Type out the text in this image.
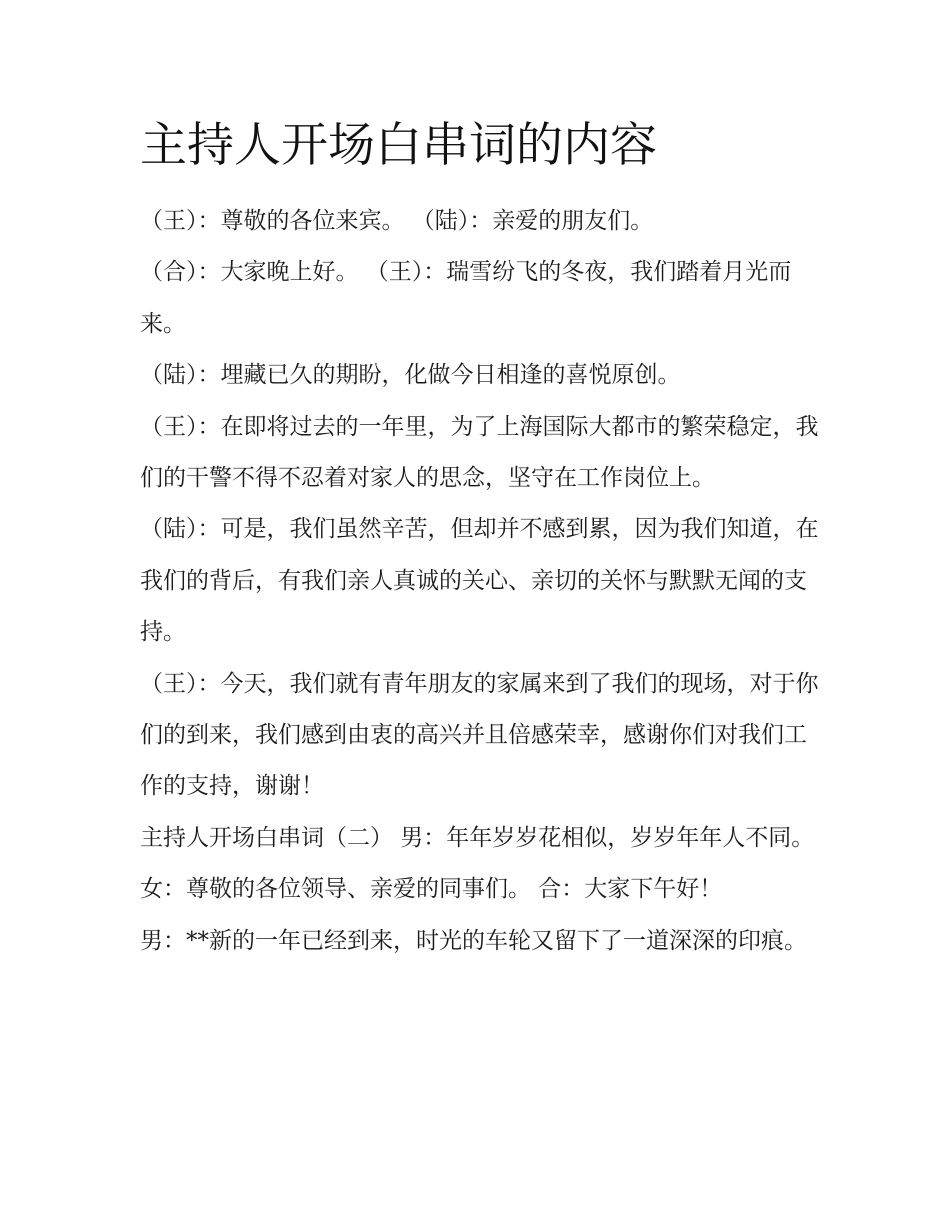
主持人开场白串词的内容

（王）：尊敬的各位来宾。 （陆）：亲爱的朋友们。

（合）：大家晚上好。 （王）：瑞雪纷飞的冬夜，我们踏着月光而来。

（陆）：埋藏已久的期盼，化做今日相逢的喜悦原创。

（王）：在即将过去的一年里，为了上海国际大都市的繁荣稳定，我们的干警不得不忍着对家人的思念，坚守在工作岗位上。

（陆）：可是，我们虽然辛苦，但却并不感到累，因为我们知道，在我们的背后，有我们亲人真诚的关心、亲切的关怀与默默无闻的支持。

（王）：今天，我们就有青年朋友的家属来到了我们的现场，对于你们的到来，我们感到由衷的高兴并且倍感荣幸，感谢你们对我们工作的支持，谢谢！

主持人开场白串词（二） 男：年年岁岁花相似，岁岁年年人不同。 女：尊敬的各位领导、亲爱的同事们。 合：大家下午好！

男：**新的一年已经到来，时光的车轮又留下了一道深深的印痕。
